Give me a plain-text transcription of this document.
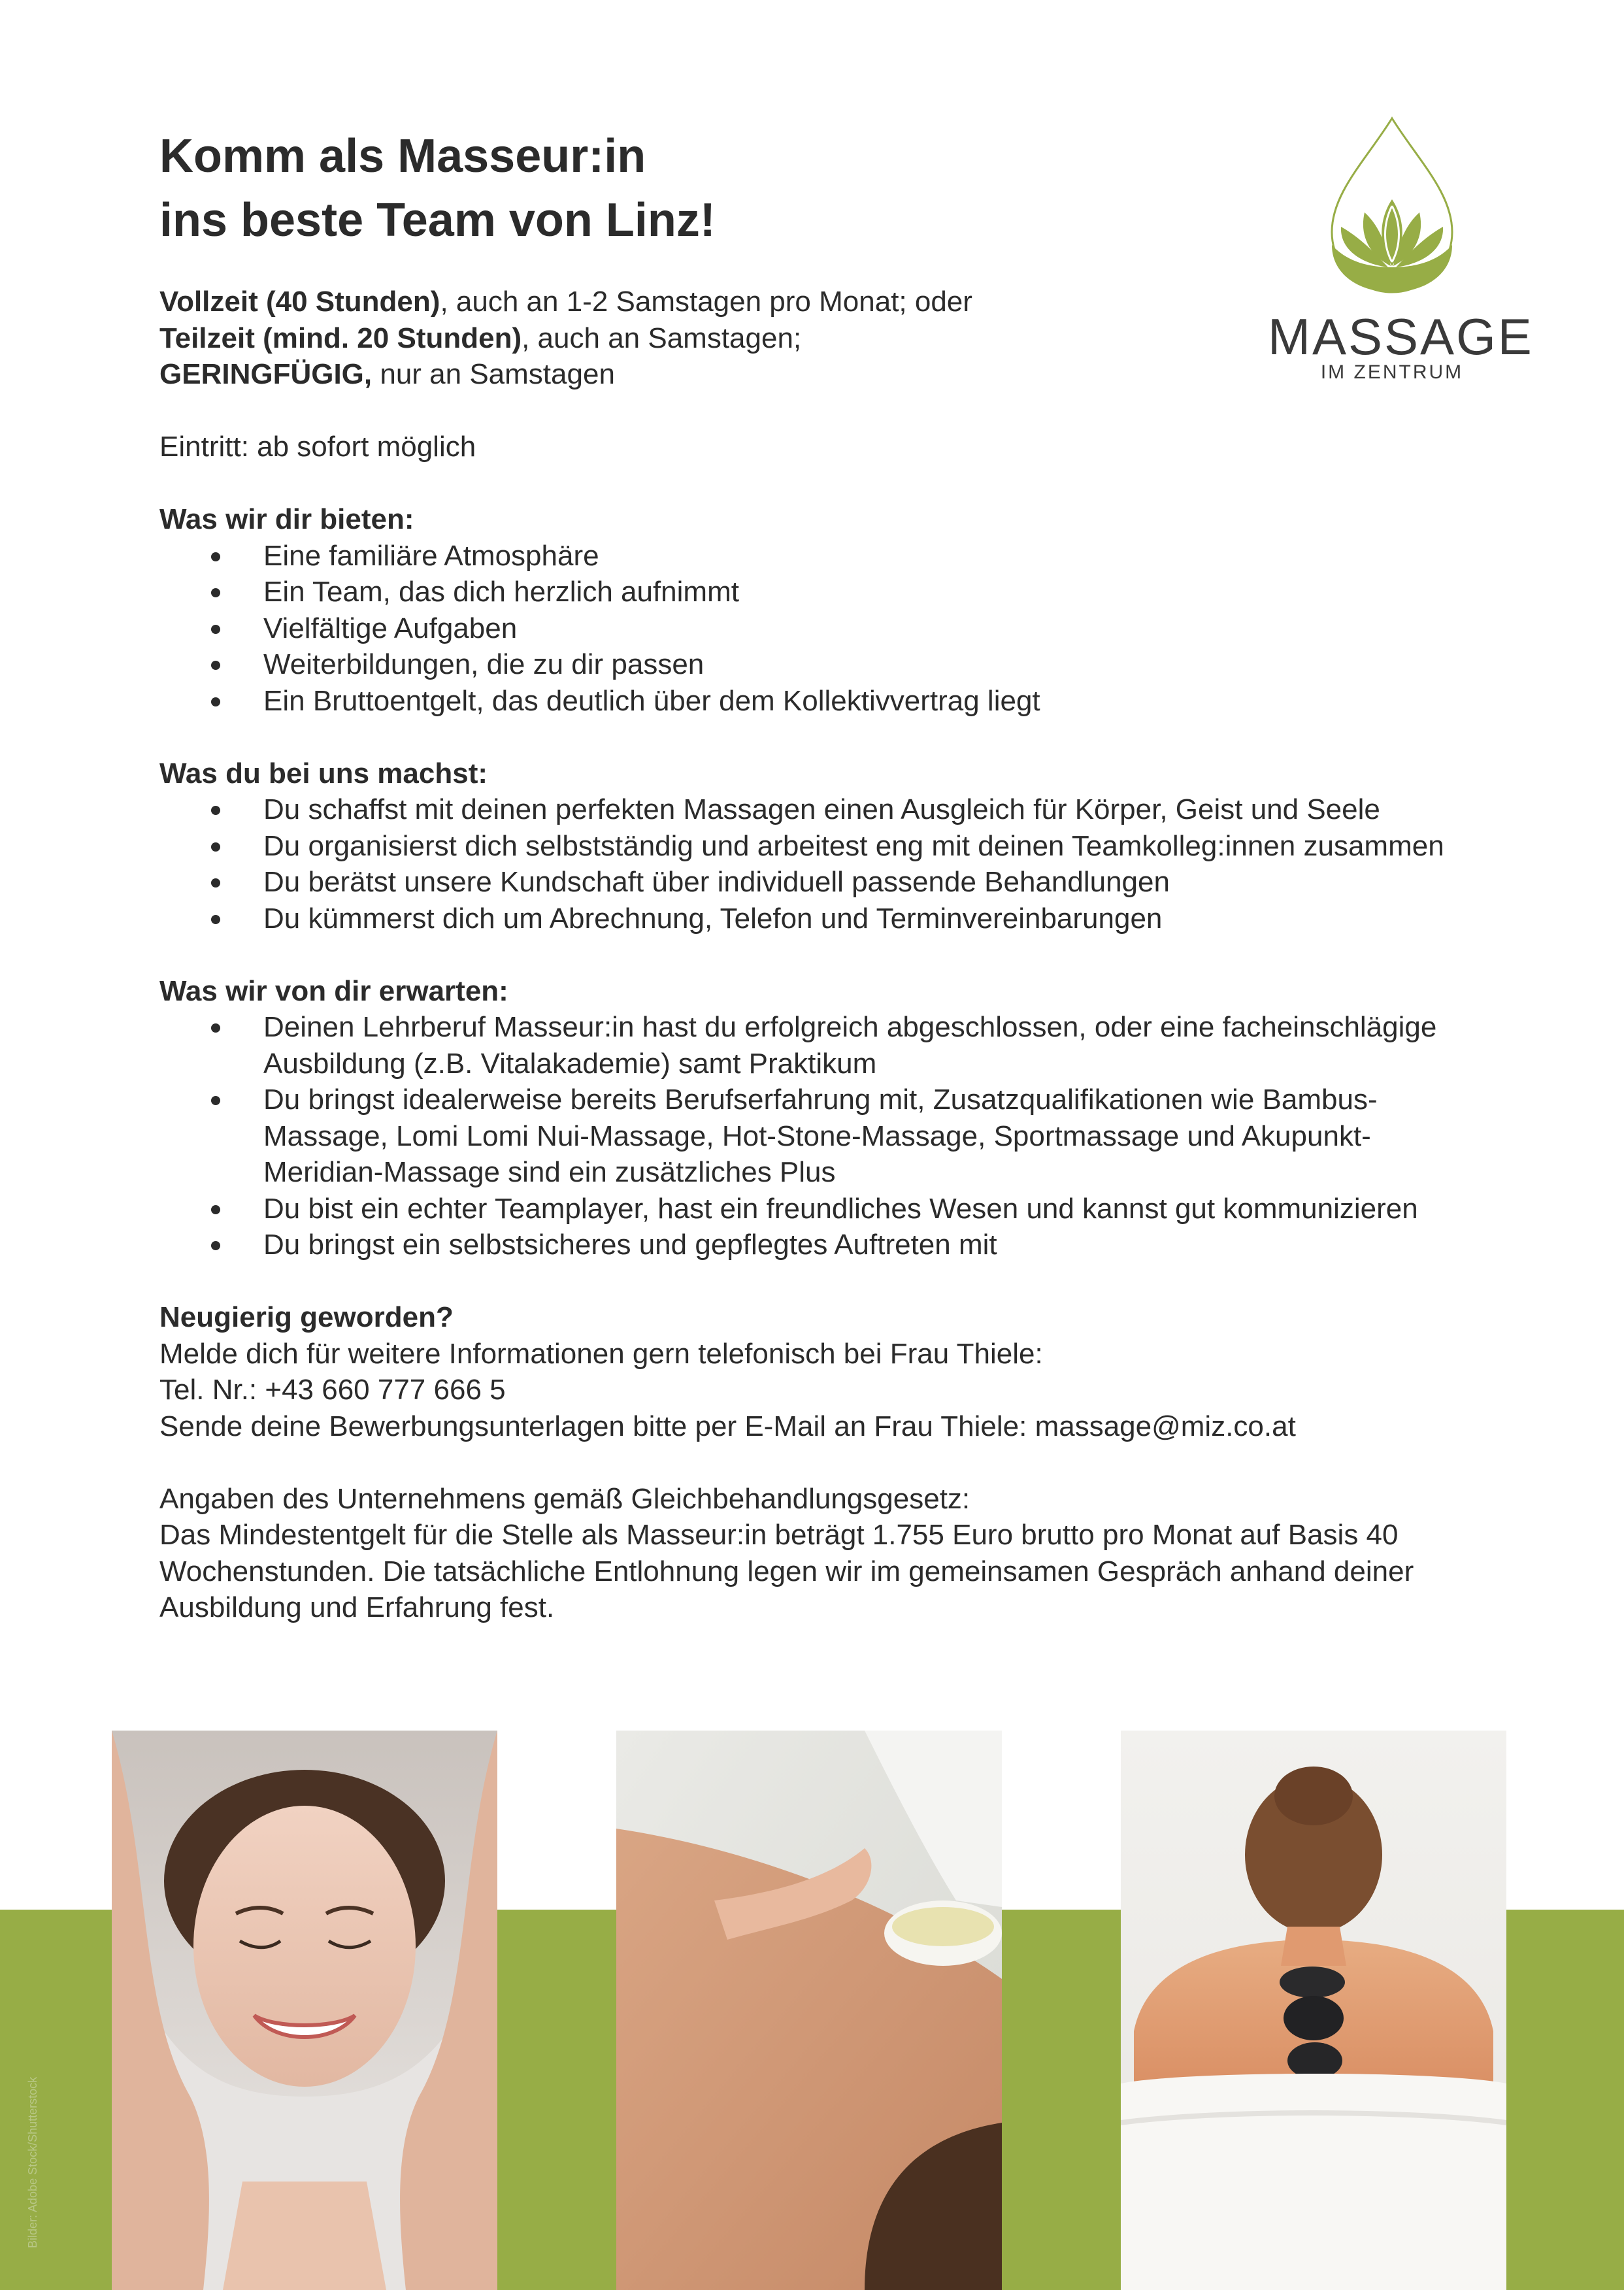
Komm als Masseur:in
ins beste Team von Linz!
MASSAGE
IM ZENTRUM

Vollzeit (40 Stunden), auch an 1-2 Samstagen pro Monat; oder

Teilzeit (mind. 20 Stunden), auch an Samstagen;

GERINGFÜGIG, nur an Samstagen

Eintritt: ab sofort möglich

Was wir dir bieten:

Eine familiäre Atmosphäre
Ein Team, das dich herzlich aufnimmt
Vielfältige Aufgaben
Weiterbildungen, die zu dir passen
Ein Bruttoentgelt, das deutlich über dem Kollektivvertrag liegt

Was du bei uns machst:

Du schaffst mit deinen perfekten Massagen einen Ausgleich für Körper, Geist und Seele
Du organisierst dich selbstständig und arbeitest eng mit deinen Teamkolleg:innen zusammen
Du berätst unsere Kundschaft über individuell passende Behandlungen
Du kümmerst dich um Abrechnung, Telefon und Terminvereinbarungen

Was wir von dir erwarten:

Deinen Lehrberuf Masseur:in hast du erfolgreich abgeschlossen, oder eine facheinschlägige Ausbildung (z.B. Vitalakademie) samt Praktikum
Du bringst idealerweise bereits Berufserfahrung mit, Zusatzqualifikationen wie Bambus-Massage, Lomi Lomi Nui-Massage, Hot-Stone-Massage, Sportmassage und Akupunkt-Meridian-Massage sind ein zusätzliches Plus
Du bist ein echter Teamplayer, hast ein freundliches Wesen und kannst gut kommunizieren
Du bringst ein selbstsicheres und gepflegtes Auftreten mit

Neugierig geworden?

Melde dich für weitere Informationen gern telefonisch bei Frau Thiele:

Tel. Nr.: +43 660 777 666 5

Sende deine Bewerbungsunterlagen bitte per E-Mail an Frau Thiele: massage@miz.co.at

Angaben des Unternehmens gemäß Gleichbehandlungsgesetz:

Das Mindestentgelt für die Stelle als Masseur:in beträgt 1.755 Euro brutto pro Monat auf Basis 40 Wochenstunden. Die tatsächliche Entlohnung legen wir im gemeinsamen Gespräch anhand deiner Ausbildung und Erfahrung fest.

Bilder: Adobe Stock/Shutterstock
